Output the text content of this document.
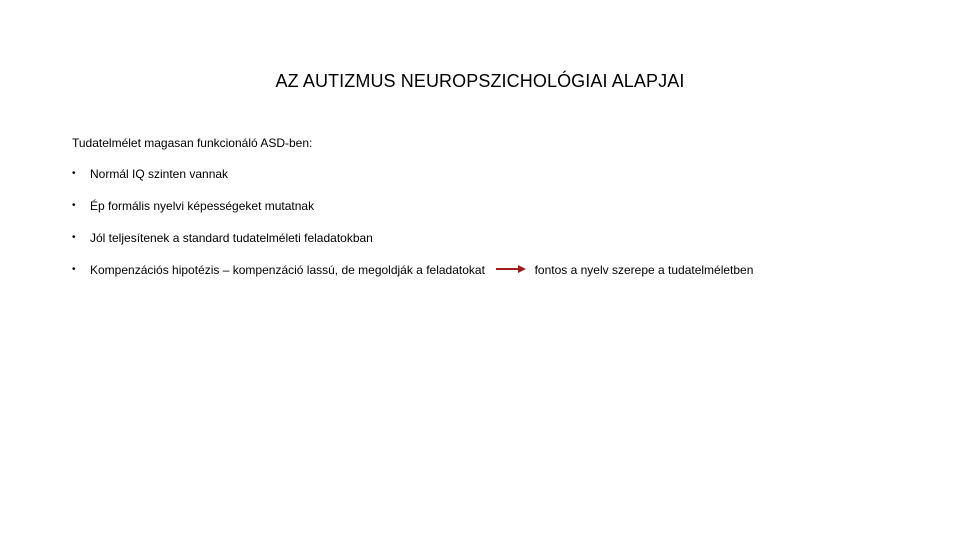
AZ AUTIZMUS NEUROPSZICHOLÓGIAI ALAPJAI
Tudatelmélet magasan funkcionáló ASD-ben:
• Normál IQ szinten vannak
• Ép formális nyelvi képességeket mutatnak
• Jól teljesítenek a standard tudatelméleti feladatokban
• Kompenzációs hipotézis – kompenzáció lassú, de megoldják a feladatokat	fontos a nyelv szerepe a tudatelméletben
